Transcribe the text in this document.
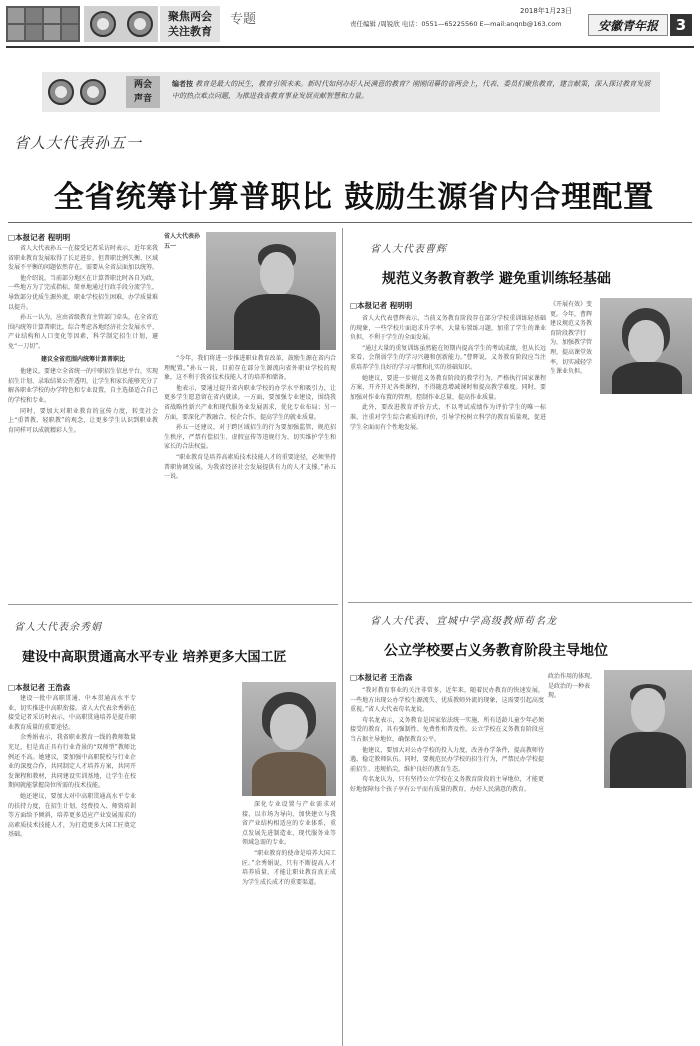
聚焦两会
关注教育
专题
2018年1月23日
责任编辑 /周锐欣 电话：0551—65225560 E—mail:anqnb@163.com	安徽青年报	3
两会
声音
编者按 教育是最大的民生，教育引领未来。新时代如何办好人民满意的教育？刚刚闭幕的省两会上，代表、委员们聚焦教育，建言献策，深入探讨教育发展中的热点难点问题，为推进我省教育事业发展贡献智慧和力量。
省人大代表孙五一
全省统筹计算普职比 鼓励生源省内合理配置
□本报记者 程明明

省人大代表孙五一在接受记者采访时表示，近年来我省职业教育发展取得了长足进步，但普职比例失衡、区域发展不平衡的问题依然存在，需要从全省层面加以统筹。

他介绍说，当前部分地区在计算普职比时各自为政，一些地方为了完成指标，简单地通过行政手段分流学生，导致部分优质生源外流，职业学校招生困难，办学质量难以提升。

孙五一认为，应由省级教育主管部门牵头，在全省范围内统筹计算普职比，综合考虑各地经济社会发展水平、产业结构和人口变化等因素，科学制定招生计划，避免“一刀切”。

建议全省范围内统筹计算普职比

他建议，要建立全省统一的中职招生信息平台，实现招生计划、录取结果公开透明，让学生和家长能够充分了解各职业学校的办学特色和专业设置，自主选择适合自己的学校和专业。

同时，要加大对职业教育的宣传力度，转变社会上“重普教、轻职教”的观念，让更多学生认识到职业教育同样可以成就精彩人生。

省人大代表孙五一

“今年，我们将进一步推进职业教育改革，鼓励生源在省内合理配置。”孙五一说，目前存在部分生源流向省外职业学校的现象，这不利于我省技术技能人才的培养和储备。

他表示，要通过提升省内职业学校的办学水平和吸引力，让更多学生愿意留在省内就读。一方面，要加强专业建设，围绕我省战略性新兴产业和现代服务业发展需求，优化专业布局；另一方面，要深化产教融合、校企合作，提高学生的就业质量。

孙五一还建议，对于跨区域招生的行为要加强监管，规范招生秩序，严禁有偿招生、虚假宣传等违规行为，切实维护学生和家长的合法权益。

“职业教育是培养高素质技术技能人才的重要途径，必须坚持普职协调发展，为我省经济社会发展提供有力的人才支撑。”孙五一说。

省人大代表曹辉
规范义务教育教学 避免重训练轻基础
□本报记者 程明明	《开展有效》变更。今年，曹辉建议规范义务教育阶段教学行为，加强教学管理，提高课堂效率，切实减轻学生课业负担。

省人大代表曹辉表示，当前义务教育阶段存在部分学校重训练轻基础的现象，一些学校片面追求升学率，大量布置练习题，加重了学生的课业负担，不利于学生的全面发展。

“通过大量的重复训练虽然能在短期内提高学生的考试成绩，但从长远来看，会削弱学生的学习兴趣和创新能力。”曹辉说，义务教育阶段应当注重培养学生良好的学习习惯和扎实的基础知识。

她建议，要进一步规范义务教育阶段的教学行为，严格执行国家课程方案，开齐开足各类课程，不得随意增减课时和提高教学难度。同时，要加强对作业布置的管理，控制作业总量，提高作业质量。

此外，要改进教育评价方式，不以考试成绩作为评价学生的唯一标准，注重对学生综合素质的评价，引导学校树立科学的教育质量观，促进学生全面而有个性地发展。

省人大代表余秀娟
建设中高职贯通高水平专业 培养更多大国工匠
□本报记者 王浩森

建设一批中高职贯通、中本贯通高水平专业，切实推进中高职衔接。省人大代表余秀娟在接受记者采访时表示，中高职贯通培养是提升职业教育质量的重要途径。

余秀娟表示，我省职业教育一线的教师数量充足，但是真正具有行业背景的“双师型”教师比例还不高。她建议，要加强中高职院校与行业企业的深度合作，共同制定人才培养方案，共同开发课程和教材，共同建设实训基地，让学生在校期间就能掌握岗位所需的技术技能。

她还建议，要加大对中高职贯通高水平专业的扶持力度，在招生计划、经费投入、师资培训等方面给予倾斜，培养更多适应产业发展需求的高素质技术技能人才，为打造更多大国工匠奠定基础。

深化专业设置与产业需求对接，以市场为导向，加快建立与我省产业结构相适应的专业体系，重点发展先进制造业、现代服务业等领域急需的专业。

“职业教育的使命是培养大国工匠。”余秀娟说，只有不断提高人才培养质量，才能让职业教育真正成为学生成长成才的重要渠道。

省人大代表、宣城中学高级教师苟名龙
公立学校要占义务教育阶段主导地位
□本报记者 王浩森	政治作用的体现，是政治的一种表现。

“我对教育事业的关注非常多，近年来，随着民办教育的快速发展，一些地方出现公办学校生源流失、优质教师外流的现象，这需要引起高度重视。”省人大代表苟名龙说。

苟名龙表示，义务教育是国家依法统一实施、所有适龄儿童少年必须接受的教育，具有强制性、免费性和普及性。公立学校在义务教育阶段应当占据主导地位，确保教育公平。

他建议，要加大对公办学校的投入力度，改善办学条件，提高教师待遇，稳定教师队伍。同时，要规范民办学校的招生行为，严禁民办学校提前招生、违规掐尖，维护良好的教育生态。

苟名龙认为，只有坚持公立学校在义务教育阶段的主导地位，才能更好地保障每个孩子享有公平而有质量的教育，办好人民满意的教育。
